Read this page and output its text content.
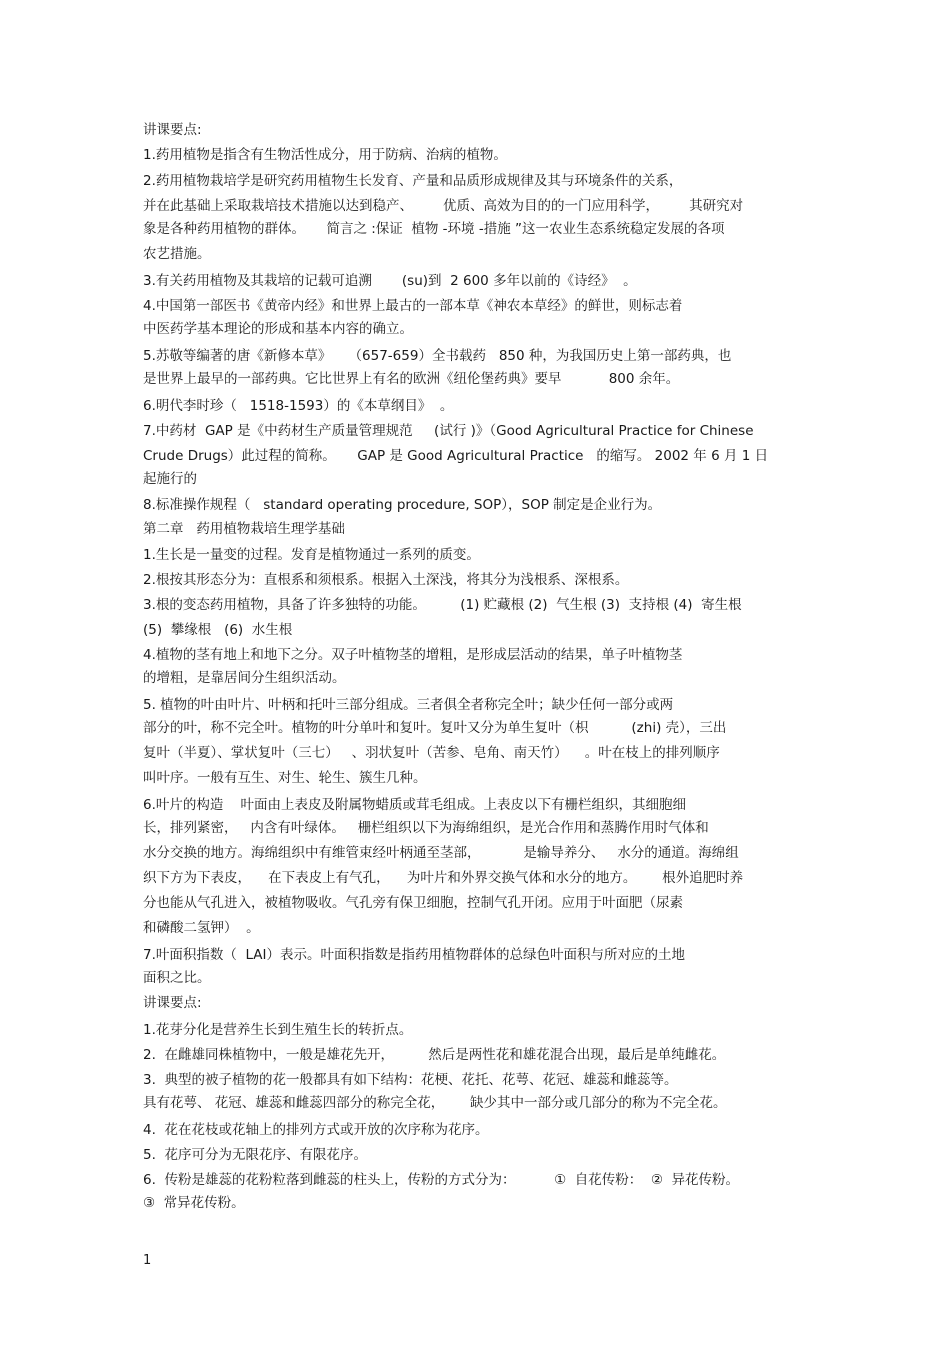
讲课要点:
1.药用植物是指含有生物活性成分，用于防病、治病的植物。
2.药用植物栽培学是研究药用植物生长发育、产量和品质形成规律及其与环境条件的关系，
并在此基础上采取栽培技术措施以达到稳产、       优质、高效为目的的一门应用科学，       其研究对
象是各种药用植物的群体。     简言之 :保证  植物 -环境 -措施 ”这一农业生态系统稳定发展的各项
农艺措施。
3.有关药用植物及其栽培的记载可追溯       (su)到  2 600 多年以前的《诗经》  。
4.中国第一部医书《黄帝内经》和世界上最古的一部本草《神农本草经》的鲜世，则标志着
中医药学基本理论的形成和基本内容的确立。
5.苏敬等编著的唐《新修本草》    （657-659）全书载药   850 种，为我国历史上第一部药典，也
是世界上最早的一部药典。它比世界上有名的欧洲《纽伦堡药典》要早           800 余年。
6.明代李时珍（   1518-1593）的《本草纲目》  。
7.中药材  GAP 是《中药材生产质量管理规范     (试行 )》（Good Agricultural Practice for Chinese
Crude Drugs）此过程的简称。     GAP 是 Good Agricultural Practice   的缩写。 2002 年 6 月 1 日
起施行的
8.标准操作规程（   standard operating procedure, SOP），SOP 制定是企业行为。
第二章   药用植物栽培生理学基础
1.生长是一量变的过程。发育是植物通过一系列的质变。
2.根按其形态分为：直根系和须根系。根据入土深浅，将其分为浅根系、深根系。
3.根的变态药用植物，具备了许多独特的功能。        (1) 贮藏根 (2)  气生根 (3)  支持根 (4)  寄生根
(5)  攀缘根   (6)  水生根
4.植物的茎有地上和地下之分。双子叶植物茎的增粗，是形成层活动的结果，单子叶植物茎
的增粗，是靠居间分生组织活动。
5. 植物的叶由叶片、叶柄和托叶三部分组成。三者俱全者称完全叶；缺少任何一部分或两
部分的叶，称不完全叶。植物的叶分单叶和复叶。复叶又分为单生复叶（枳          (zhi) 壳），三出
复叶（半夏）、掌状复叶（三七）   、羽状复叶（苦参、皂角、南天竹）    。叶在枝上的排列顺序
叫叶序。一般有互生、对生、轮生、簇生几种。
6.叶片的构造    叶面由上表皮及附属物蜡质或茸毛组成。上表皮以下有栅栏组织，其细胞细
长，排列紧密，   内含有叶绿体。   栅栏组织以下为海绵组织，是光合作用和蒸腾作用时气体和
水分交换的地方。海绵组织中有维管束经叶柄通至茎部，          是输导养分、   水分的通道。海绵组
织下方为下表皮，    在下表皮上有气孔，    为叶片和外界交换气体和水分的地方。      根外追肥时养
分也能从气孔进入，被植物吸收。气孔旁有保卫细胞，控制气孔开闭。应用于叶面肥（尿素
和磷酸二氢钾）  。
7.叶面积指数（  LAI）表示。叶面积指数是指药用植物群体的总绿色叶面积与所对应的土地
面积之比。
讲课要点:
1.花芽分化是营养生长到生殖生长的转折点。
2.  在雌雄同株植物中，一般是雄花先开，        然后是两性花和雄花混合出现，最后是单纯雌花。
3.  典型的被子植物的花一般都具有如下结构：花梗、花托、花萼、花冠、雄蕊和雌蕊等。
具有花萼、 花冠、雄蕊和雌蕊四部分的称完全花，      缺少其中一部分或几部分的称为不完全花。
4.  花在花枝或花轴上的排列方式或开放的次序称为花序。
5.  花序可分为无限花序、有限花序。
6.  传粉是雄蕊的花粉粒落到雌蕊的柱头上，传粉的方式分为：         ①  自花传粉：  ②  异花传粉。
③  常异花传粉。
1
